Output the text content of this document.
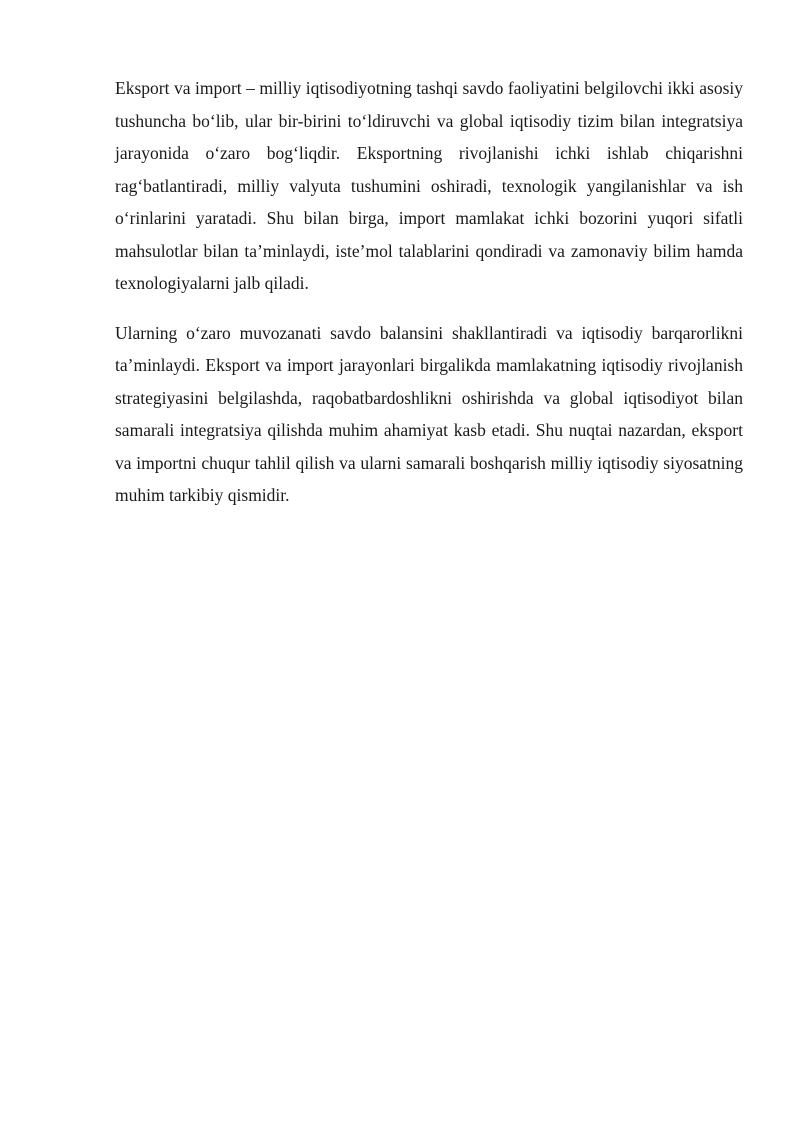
Eksport va import – milliy iqtisodiyotning tashqi savdo faoliyatini belgilovchi ikki asosiy tushuncha bo‘lib, ular bir-birini to‘ldiruvchi va global iqtisodiy tizim bilan integratsiya jarayonida o‘zaro bog‘liqdir. Eksportning rivojlanishi ichki ishlab chiqarishni rag‘batlantiradi, milliy valyuta tushumini oshiradi, texnologik yangilanishlar va ish o‘rinlarini yaratadi. Shu bilan birga, import mamlakat ichki bozorini yuqori sifatli mahsulotlar bilan ta’minlaydi, iste’mol talablarini qondiradi va zamonaviy bilim hamda texnologiyalarni jalb qiladi.

Ularning o‘zaro muvozanati savdo balansini shakllantiradi va iqtisodiy barqarorlikni ta’minlaydi. Eksport va import jarayonlari birgalikda mamlakatning iqtisodiy rivojlanish strategiyasini belgilashda, raqobatbardoshlikni oshirishda va global iqtisodiyot bilan samarali integratsiya qilishda muhim ahamiyat kasb etadi. Shu nuqtai nazardan, eksport va importni chuqur tahlil qilish va ularni samarali boshqarish milliy iqtisodiy siyosatning muhim tarkibiy qismidir.
